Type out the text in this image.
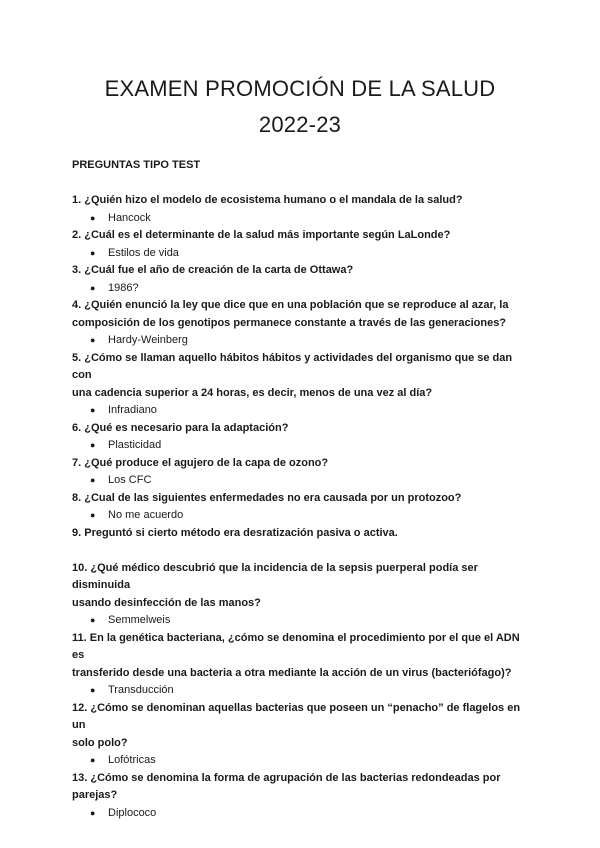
EXAMEN PROMOCIÓN DE LA SALUD
2022-23

PREGUNTAS TIPO TEST

1. ¿Quién hizo el modelo de ecosistema humano o el mandala de la salud?

● Hancock

2. ¿Cuál es el determinante de la salud más importante según LaLonde?

● Estilos de vida

3. ¿Cuál fue el año de creación de la carta de Ottawa?

● 1986?

4. ¿Quién enunció la ley que dice que en una población que se reproduce al azar, la

composición de los genotipos permanece constante a través de las generaciones?

● Hardy-Weinberg

5. ¿Cómo se llaman aquello hábitos hábitos y actividades del organismo que se dan con

una cadencia superior a 24 horas, es decir, menos de una vez al día?

● Infradiano

6. ¿Qué es necesario para la adaptación?

● Plasticidad

7. ¿Qué produce el agujero de la capa de ozono?

● Los CFC

8. ¿Cual de las siguientes enfermedades no era causada por un protozoo?

● No me acuerdo

9. Preguntó si cierto método era desratización pasiva o activa.

10. ¿Qué médico descubrió que la incidencia de la sepsis puerperal podía ser disminuida

usando desinfección de las manos?

● Semmelweis

11. En la genética bacteriana, ¿cómo se denomina el procedimiento por el que el ADN es

transferido desde una bacteria a otra mediante la acción de un virus (bacteriófago)?

● Transducción

12. ¿Cómo se denominan aquellas bacterias que poseen un “penacho” de flagelos en un

solo polo?

● Lofótricas

13. ¿Cómo se denomina la forma de agrupación de las bacterias redondeadas por

parejas?

● Diplococo
